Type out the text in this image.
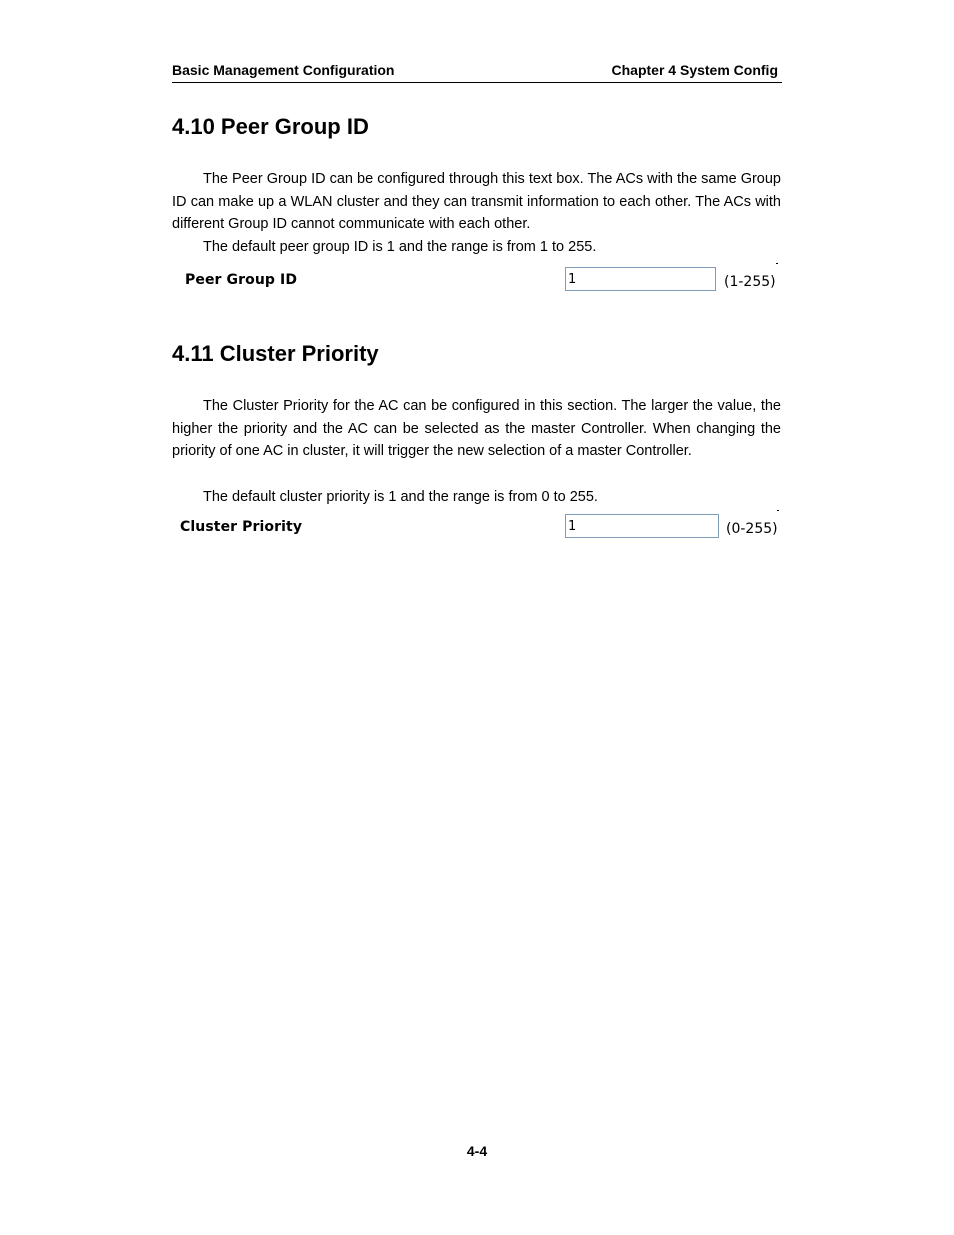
Basic Management Configuration	Chapter 4 System Config
4.10 Peer Group ID

The Peer Group ID can be configured through this text box. The ACs with the same Group ID can make up a WLAN cluster and they can transmit information to each other. The ACs with different Group ID cannot communicate with each other.

The default peer group ID is 1 and the range is from 1 to 255.

Peer Group ID
1	(1-255)
4.11 Cluster Priority

The Cluster Priority for the AC can be configured in this section. The larger the value, the higher the priority and the AC can be selected as the master Controller. When changing the priority of one AC in cluster, it will trigger the new selection of a master Controller.

The default cluster priority is 1 and the range is from 0 to 255.

Cluster Priority
1	(0-255)
4-4
